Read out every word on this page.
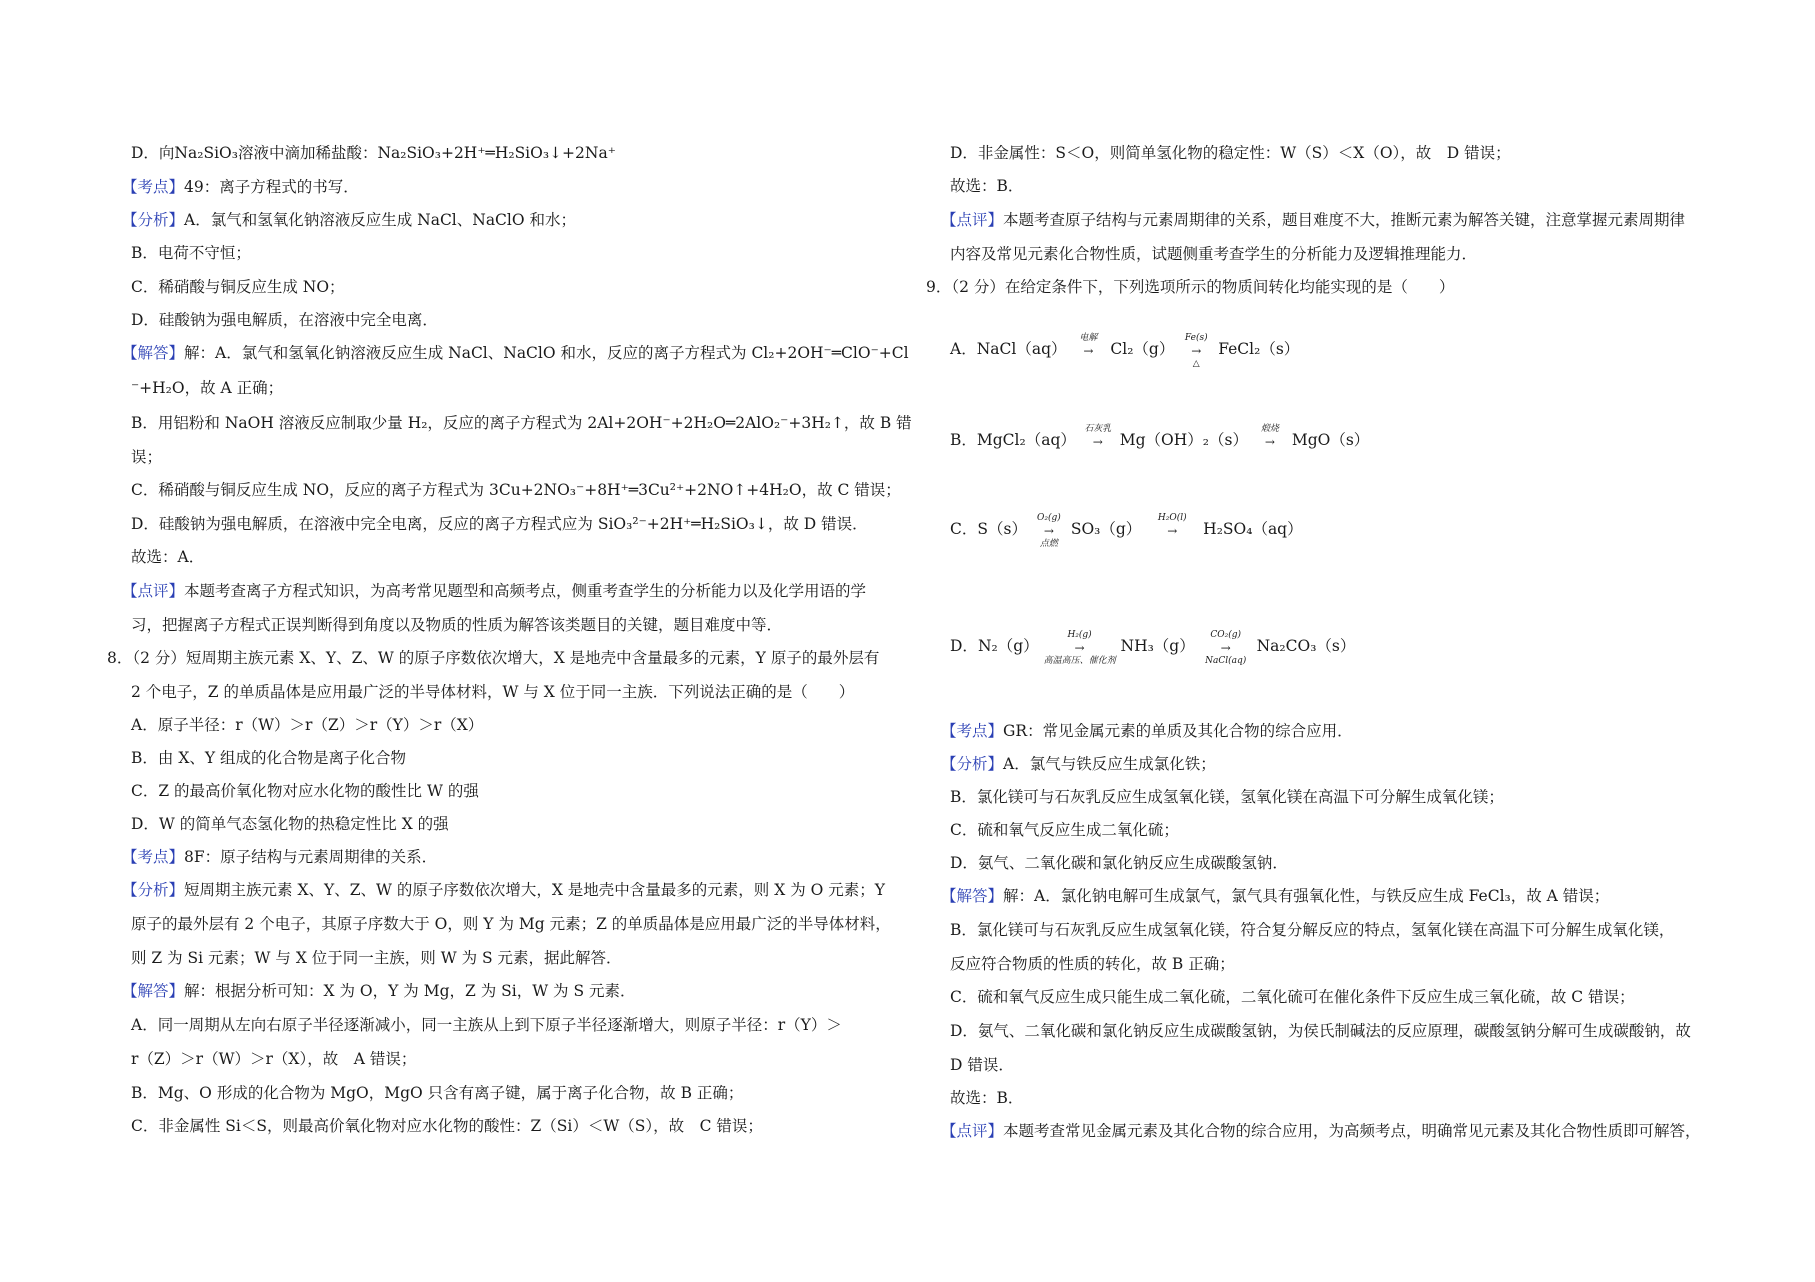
D．向Na₂SiO₃溶液中滴加稀盐酸：Na₂SiO₃+2H⁺═H₂SiO₃↓+2Na⁺
【考点】49：离子方程式的书写．
【分析】A．氯气和氢氧化钠溶液反应生成 NaCl、NaClO 和水；
B．电荷不守恒；
C．稀硝酸与铜反应生成 NO；
D．硅酸钠为强电解质，在溶液中完全电离．
【解答】解：A．氯气和氢氧化钠溶液反应生成 NaCl、NaClO 和水，反应的离子方程式为 Cl₂+2OH⁻═ClO⁻+Cl
⁻+H₂O，故 A 正确；
B．用铝粉和 NaOH 溶液反应制取少量 H₂，反应的离子方程式为 2Al+2OH⁻+2H₂O═2AlO₂⁻+3H₂↑，故 B 错
误；
C．稀硝酸与铜反应生成 NO，反应的离子方程式为 3Cu+2NO₃⁻+8H⁺═3Cu²⁺+2NO↑+4H₂O，故 C 错误；
D．硅酸钠为强电解质，在溶液中完全电离，反应的离子方程式应为 SiO₃²⁻+2H⁺═H₂SiO₃↓，故 D 错误．
故选：A．
【点评】本题考查离子方程式知识，为高考常见题型和高频考点，侧重考查学生的分析能力以及化学用语的学
习，把握离子方程式正误判断得到角度以及物质的性质为解答该类题目的关键，题目难度中等．
8．（2 分）短周期主族元素 X、Y、Z、W 的原子序数依次增大，X 是地壳中含量最多的元素，Y 原子的最外层有
2 个电子，Z 的单质晶体是应用最广泛的半导体材料，W 与 X 位于同一主族．下列说法正确的是（　　）
A．原子半径：r（W）＞r（Z）＞r（Y）＞r（X）
B．由 X、Y 组成的化合物是离子化合物
C．Z 的最高价氧化物对应水化物的酸性比 W 的强
D．W 的简单气态氢化物的热稳定性比 X 的强
【考点】8F：原子结构与元素周期律的关系．
【分析】短周期主族元素 X、Y、Z、W 的原子序数依次增大，X 是地壳中含量最多的元素，则 X 为 O 元素；Y
原子的最外层有 2 个电子，其原子序数大于 O，则 Y 为 Mg 元素；Z 的单质晶体是应用最广泛的半导体材料，
则 Z 为 Si 元素；W 与 X 位于同一主族，则 W 为 S 元素，据此解答．
【解答】解：根据分析可知：X 为 O，Y 为 Mg，Z 为 Si，W 为 S 元素．
A．同一周期从左向右原子半径逐渐减小，同一主族从上到下原子半径逐渐增大，则原子半径：r（Y）＞
r（Z）＞r（W）＞r（X），故　A 错误；
B．Mg、O 形成的化合物为 MgO，MgO 只含有离子键，属于离子化合物，故 B 正确；
C．非金属性 Si＜S，则最高价氧化物对应水化物的酸性：Z（Si）＜W（S），故　C 错误；
D．非金属性：S＜O，则简单氢化物的稳定性：W（S）＜X（O），故　D 错误；
故选：B．
【点评】本题考查原子结构与元素周期律的关系，题目难度不大，推断元素为解答关键，注意掌握元素周期律
内容及常见元素化合物性质，试题侧重考查学生的分析能力及逻辑推理能力．
9．（2 分）在给定条件下，下列选项所示的物质间转化均能实现的是（　　）
A．NaCl（aq）
电解
→	Cl₂（g）
Fe(s)
→
△
FeCl₂（s）
B．MgCl₂（aq）
石灰乳
→	Mg（OH）₂（s）
煅烧
→	MgO（s）
C．S（s）
O₂(g)
→
点燃
SO₃（g）
H₂O(l)
→	H₂SO₄（aq）
D．N₂（g）
H₂(g)
→
高温高压、催化剂
NH₃（g）
CO₂(g)
→
NaCl(aq)
Na₂CO₃（s）
【考点】GR：常见金属元素的单质及其化合物的综合应用．
【分析】A．氯气与铁反应生成氯化铁；
B．氯化镁可与石灰乳反应生成氢氧化镁，氢氧化镁在高温下可分解生成氧化镁；
C．硫和氧气反应生成二氧化硫；
D．氨气、二氧化碳和氯化钠反应生成碳酸氢钠．
【解答】解：A．氯化钠电解可生成氯气，氯气具有强氧化性，与铁反应生成 FeCl₃，故 A 错误；
B．氯化镁可与石灰乳反应生成氢氧化镁，符合复分解反应的特点，氢氧化镁在高温下可分解生成氧化镁，
反应符合物质的性质的转化，故 B 正确；
C．硫和氧气反应生成只能生成二氧化硫，二氧化硫可在催化条件下反应生成三氧化硫，故 C 错误；
D．氨气、二氧化碳和氯化钠反应生成碳酸氢钠，为侯氏制碱法的反应原理，碳酸氢钠分解可生成碳酸钠，故
D 错误．
故选：B．
【点评】本题考查常见金属元素及其化合物的综合应用，为高频考点，明确常见元素及其化合物性质即可解答，
